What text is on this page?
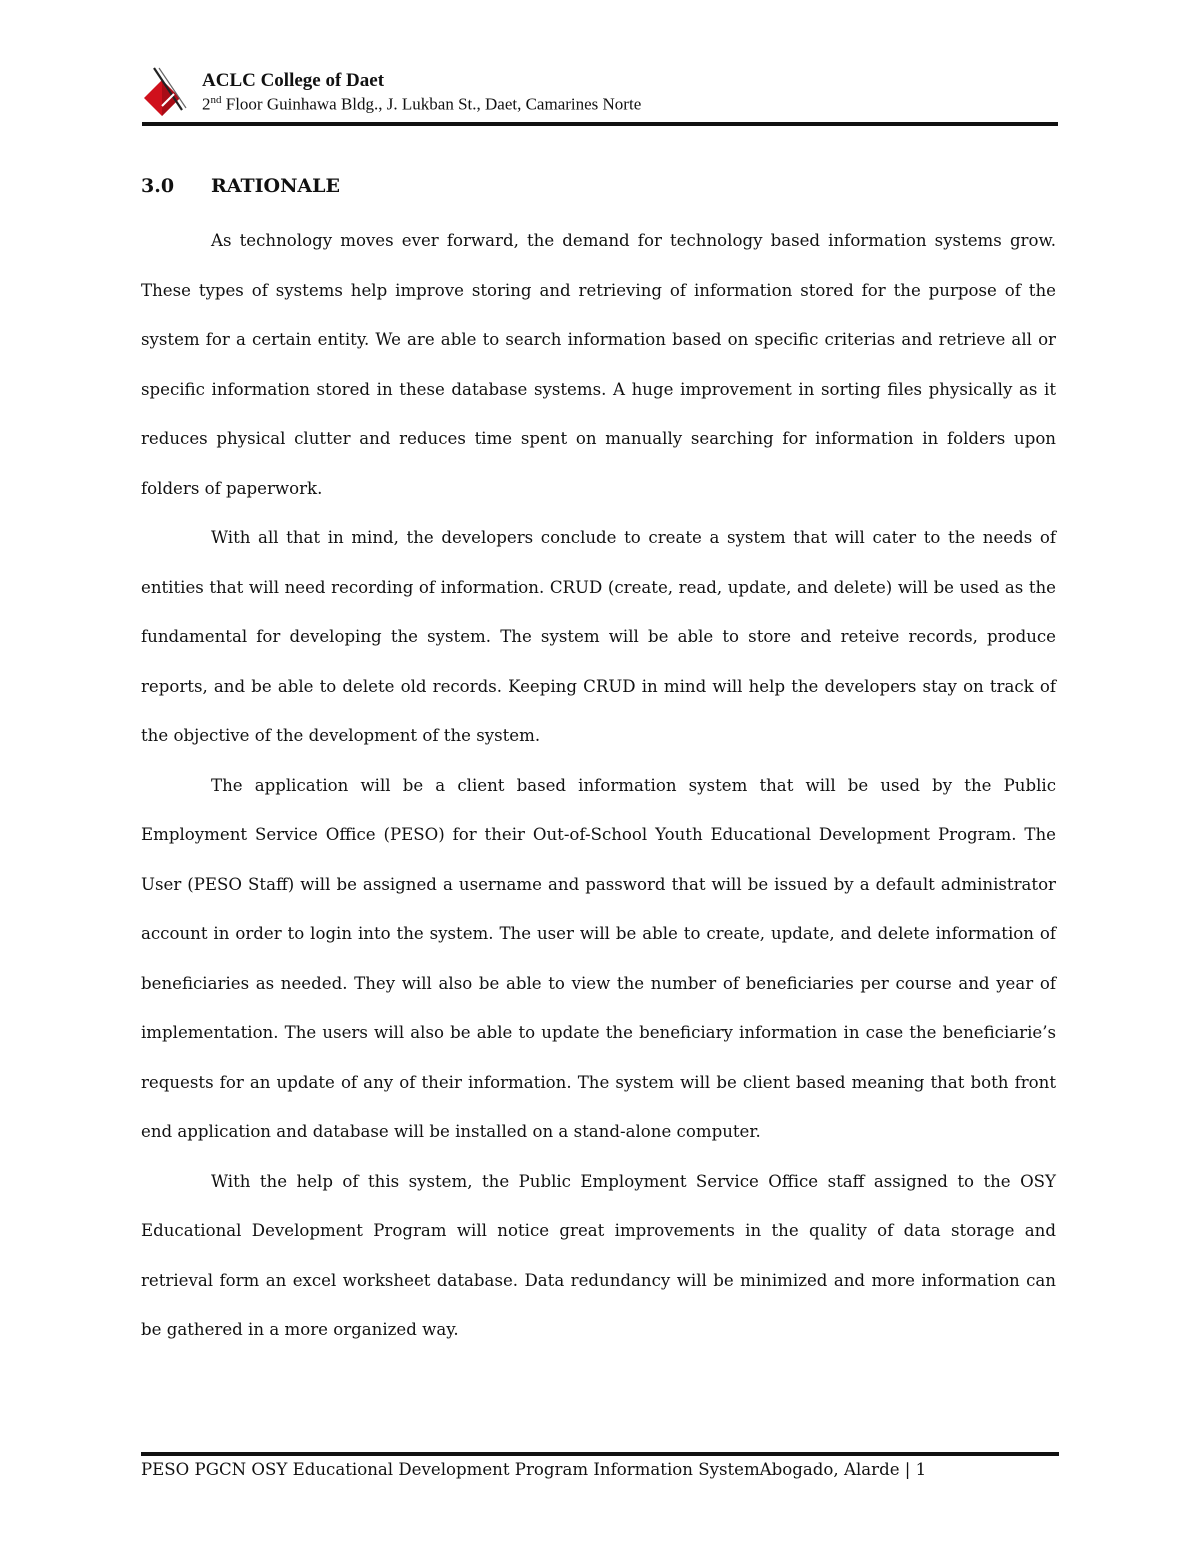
ACLC College of Daet
2nd Floor Guinhawa Bldg., J. Lukban St., Daet, Camarines Norte
3.0 RATIONALE

As technology moves ever forward, the demand for technology based information systems grow. These types of systems help improve storing and retrieving of information stored for the purpose of the system for a certain entity. We are able to search information based on specific criterias and retrieve all or specific information stored in these database systems. A huge improvement in sorting files physically as it reduces physical clutter and reduces time spent on manually searching for information in folders upon folders of paperwork.

With all that in mind, the developers conclude to create a system that will cater to the needs of entities that will need recording of information. CRUD (create, read, update, and delete) will be used as the fundamental for developing the system. The system will be able to store and reteive records, produce reports, and be able to delete old records. Keeping CRUD in mind will help the developers stay on track of the objective of the development of the system.

The application will be a client based information system that will be used by the Public Employment Service Office (PESO) for their Out-of-School Youth Educational Development Program. The User (PESO Staff) will be assigned a username and password that will be issued by a default administrator account in order to login into the system. The user will be able to create, update, and delete information of beneficiaries as needed. They will also be able to view the number of beneficiaries per course and year of implementation. The users will also be able to update the beneficiary information in case the beneficiarie’s requests for an update of any of their information. The system will be client based meaning that both front end application and database will be installed on a stand-alone computer.

With the help of this system, the Public Employment Service Office staff assigned to the OSY Educational Development Program will notice great improvements in the quality of data storage and retrieval form an excel worksheet database. Data redundancy will be minimized and more information can be gathered in a more organized way.

PESO PGCN OSY Educational Development Program Information SystemAbogado, Alarde | 1
